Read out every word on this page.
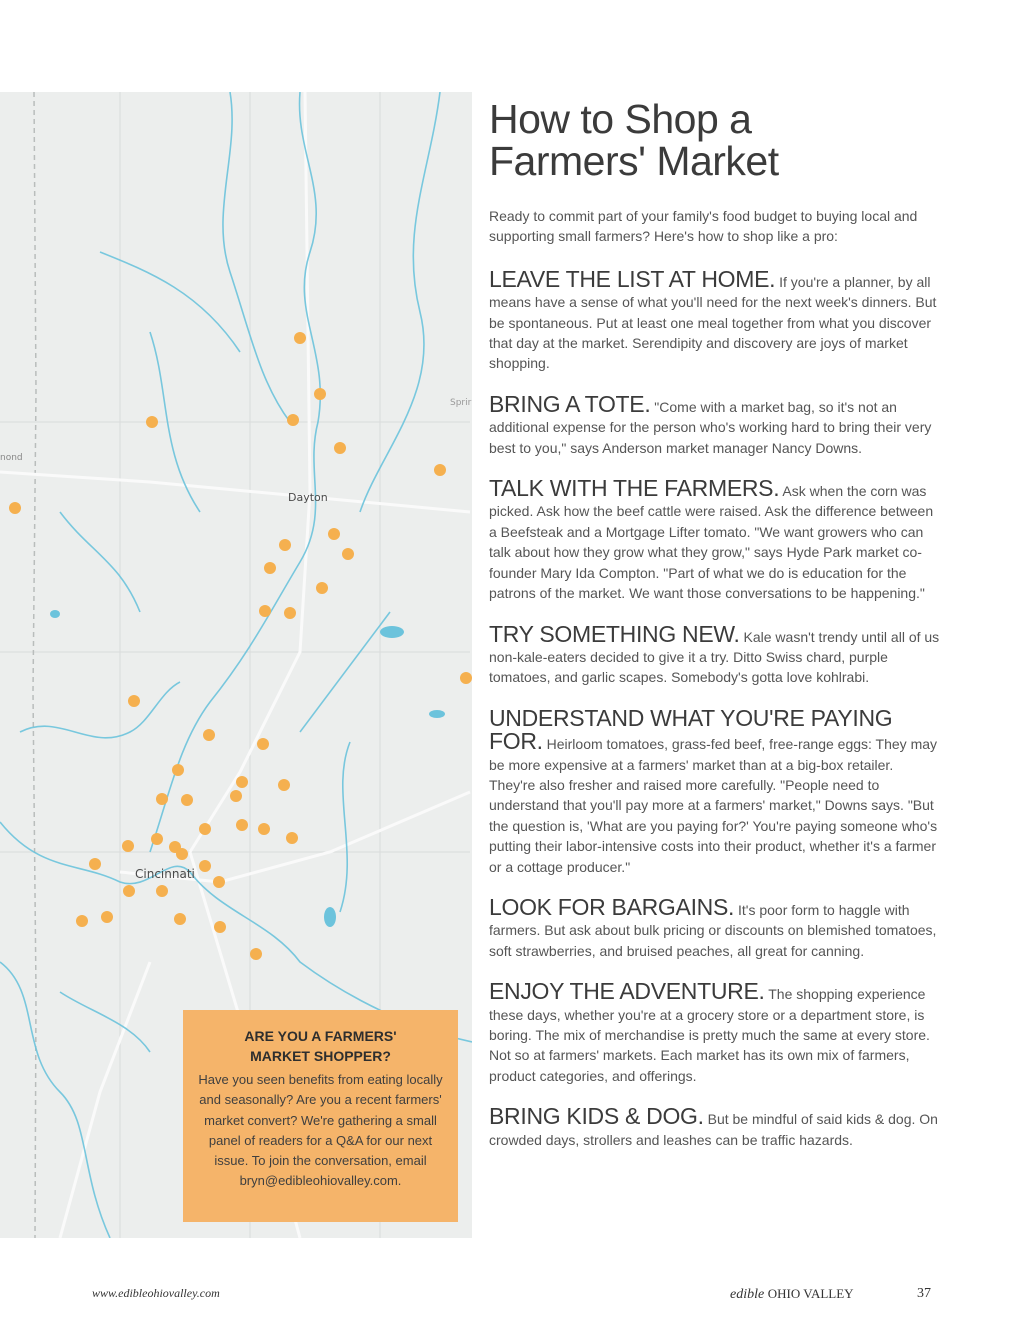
Dayton
Cincinnati
nond
Sprir
ARE YOU A FARMERS'
MARKET SHOPPER?

Have you seen benefits from eating locally and seasonally? Are you a recent farmers' market convert? We're gathering a small panel of readers for a Q&A for our next issue. To join the conversation, email bryn@edibleohiovalley.com.

How to Shop a
Farmers' Market

Ready to commit part of your family's food budget to buying local and supporting small farmers? Here's how to shop like a pro:

LEAVE THE LIST AT HOME. If you're a planner, by all means have a sense of what you'll need for the next week's dinners. But be spontaneous. Put at least one meal together from what you discover that day at the market. Serendipity and discovery are joys of market shopping.

BRING A TOTE. "Come with a market bag, so it's not an additional expense for the person who's working hard to bring their very best to you," says Anderson market manager Nancy Downs.

TALK WITH THE FARMERS. Ask when the corn was picked. Ask how the beef cattle were raised. Ask the difference between a Beefsteak and a Mortgage Lifter tomato. "We want growers who can talk about how they grow what they grow," says Hyde Park market co-founder Mary Ida Compton. "Part of what we do is education for the patrons of the market. We want those conversations to be happening."

TRY SOMETHING NEW. Kale wasn't trendy until all of us non-kale-eaters decided to give it a try. Ditto Swiss chard, purple tomatoes, and garlic scapes. Somebody's gotta love kohlrabi.

UNDERSTAND WHAT YOU'RE PAYING FOR. Heirloom tomatoes, grass-fed beef, free-range eggs: They may be more expensive at a farmers' market than at a big-box retailer. They're also fresher and raised more carefully. "People need to understand that you'll pay more at a farmers' market," Downs says. "But the question is, 'What are you paying for?' You're paying someone who's putting their labor-intensive costs into their product, whether it's a farmer or a cottage producer."

LOOK FOR BARGAINS. It's poor form to haggle with farmers. But ask about bulk pricing or discounts on blemished tomatoes, soft strawberries, and bruised peaches, all great for canning.

ENJOY THE ADVENTURE. The shopping experience these days, whether you're at a grocery store or a department store, is boring. The mix of merchandise is pretty much the same at every store. Not so at farmers' markets. Each market has its own mix of farmers, product categories, and offerings.

BRING KIDS & DOG. But be mindful of said kids & dog. On crowded days, strollers and leashes can be traffic hazards.

www.edibleohiovalley.com	edible OHIO VALLEY	37
